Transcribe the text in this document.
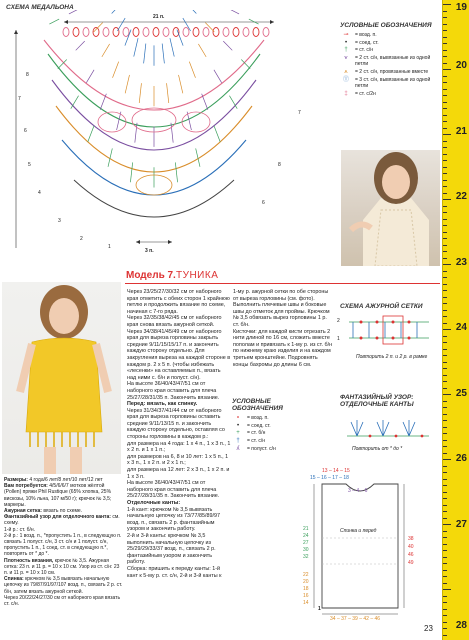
СХЕМА МЕДАЛЬОНА
21 п.
3 п.
8
7
6
5
4
3
2
1
7
8
6
УСЛОВНЫЕ ОБОЗНАЧЕНИЯ
⊸	= возд. п.
•	= соед. ст.
†	= ст. с/н
⩛	= 2 ст. с/н, вывязанные из одной петли
⩚	= 2 ст. с/н, провязанные вместе
Ⓣ	= 3 ст. с/н, вывязанные из одной петли
‡	= ст. с/2н
Модель 7. ТУНИКА

Размеры: 4 года/6 лет/8 лет/10 лет/12 лет

Вам потребуется: 4/5/6/6/7 мотков жёлтой (Pollen) пряжи Phil Rustique (65% хлопка, 25% вискозы, 10% льна, 107 м/50 г); крючок № 3,5; маркеры.

Ажурная сетка: вязать по схеме.

Фантазийный узор для отделочного канта: см. схему.

1-й р.: ст. б/н.

2-й р.: 1 возд. п., *пропустить 1 п., в следующую п. связать 1 полуст. с/н, 3 ст. с/н и 1 полуст. с/н, пропустить 1 п., 1 соед. ст. в следующую п.*, повторять от * до *.

Плотность вязания, крючок № 3,5. Ажурная сетка: 23 п. и 11 р. = 10 х 10 см. Узор из ст. с/н: 23 п. и 11 р. = 10 х 10 см.

Спинка: крючком № 3,5 вывязать начальную цепочку из 79/87/91/97/107 возд. п., связать 2 р. ст. б/н, затем вязать ажурной сеткой.

Через 20/22/24/27/30 см от наборного края вязать ст. с/н.

Через 23/25/27/30/32 см от наборного края отметить с обеих сторон 1 крайнюю петлю и продолжить вязание по схеме, начиная с 7-го ряда.

Через 32/35/38/42/45 см от наборного края снова вязать ажурной сеткой.

Через 34/38/41/45/49 см от наборного края для выреза горловины закрыть средние 9/11/15/15/17 п. и закончить каждую сторону отдельно. Для закругления выреза на каждой стороне в каждом р. 2 х 5 п. (чтобы избежать «лесенки» на оставляемых п., вязать над ними с. б/н и полуст. с/н).

На высоте 36/40/43/47/51 см от наборного края оставить для плеча 25/27/28/31/35 п. Закончить вязание.

Перед: вязать, как спинку.

Через 31/34/37/41/44 см от наборного края для выреза горловины оставить средние 9/11/13/15 п. и закончить каждую сторону отдельно, оставляя со стороны горловины в каждом р.:

для размера на 4 года: 1 х 4 п., 1 х 3 п., 1 х 2 п. и 1 х 1 п.;

для размеров на 6, 8 и 10 лет: 1 х 5 п., 1 х 3 п., 1 х 2 п. и 2 х 1 п.;

для размера на 12 лет: 2 х 3 п., 1 х 2 п. и 1 х 3 п.

На высоте 36/40/43/47/51 см от наборного края оставить для плеча 25/27/28/31/35 п. Закончить вязание.

Отделочные канты:

1-й кант: крючком № 3,5 вывязать начальную цепочку из 73/77/85/89/97 возд. п., связать 2 р. фантазийным узором и закончить работу.

2-й и 3-й канты: крючком № 3,5 выполнить начальную цепочку из 25/29/29/33/37 возд. п., связать 2 р. фантазийным узором и закончить работу.

Сборка: пришить к переду канты: 1-й кант к 5-му р. ст. с/н, 2-й и 3-й канты к

1-му р. ажурной сетки по обе стороны от выреза горловины (см. фото). Выполнить плечевые швы и боковые швы до отметок для проймы. Крючком № 3,5 обвязать вырез горловины 1 р. ст. б/н.

Кисточки: для каждой кисти отрезать 2 нити длиной по 16 см, сложить вместе пополам и привязать к 1-му р. из ст. б/н по нижнему краю изделия и на каждом третьем кронштейне. Подровнять концы бахромы до длины 6 см.

СХЕМА АЖУРНОЙ СЕТКИ
2
1
Повторить 2 п. и 2 р. в рамке
ФАНТАЗИЙНЫЙ УЗОР: ОТДЕЛОЧНЫЕ КАНТЫ
Повторить от * до *
УСЛОВНЫЕ ОБОЗНАЧЕНИЯ
∘	= возд. п.
•	= соед. ст.
+	= ст. б/н
†	= ст. с/н
ʎ	= полуст. с/н
Спинка и перед
13 – 14 – 15
15 – 16 – 17 – 18
34 – 37 – 39 – 42 – 46
3 – 4 – 6
38
40
46
49
21
24
27
30
32
22
20
18
16
14
1
23
19
20
21
22
23
24
25
26
27
28
